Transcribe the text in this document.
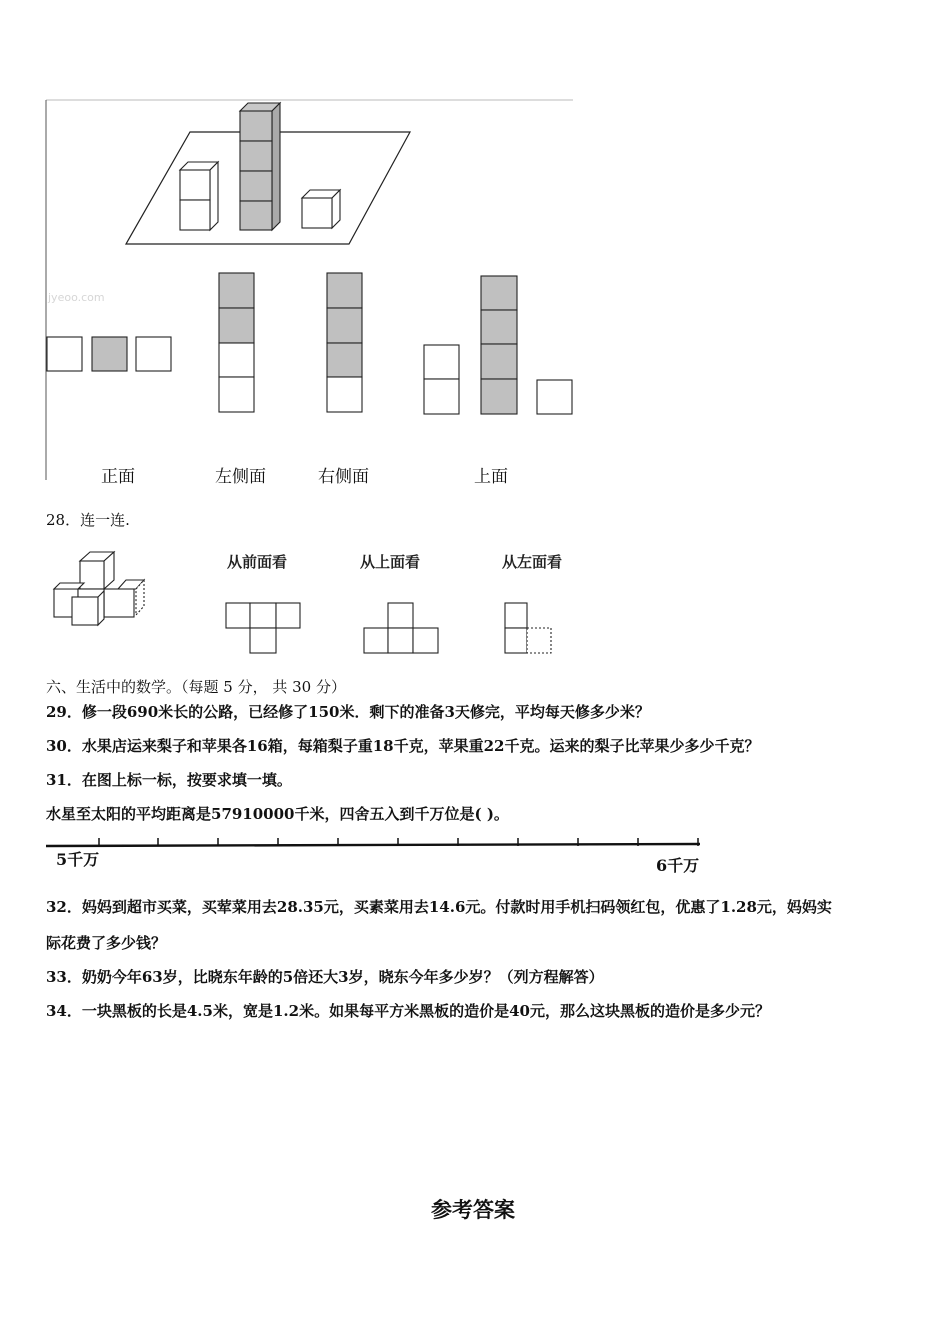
jyeoo.com
正面	左侧面	右侧面	上面
28．连一连.
从前面看	从上面看	从左面看
六、生活中的数学。（每题 5 分， 共 30 分）
29．修一段690米长的公路，已经修了150米．剩下的准备3天修完，平均每天修多少米？
30．水果店运来梨子和苹果各16箱，每箱梨子重18千克，苹果重22千克。运来的梨子比苹果少多少千克？
31．在图上标一标，按要求填一填。
水星至太阳的平均距离是57910000千米，四舍五入到千万位是( )。
5千万	6千万
32．妈妈到超市买菜，买荤菜用去28.35元，买素菜用去14.6元。付款时用手机扫码领红包，优惠了1.28元，妈妈实
际花费了多少钱？
33．奶奶今年63岁，比晓东年龄的5倍还大3岁，晓东今年多少岁？（列方程解答）
34．一块黑板的长是4.5米，宽是1.2米。如果每平方米黑板的造价是40元，那么这块黑板的造价是多少元？
参考答案
